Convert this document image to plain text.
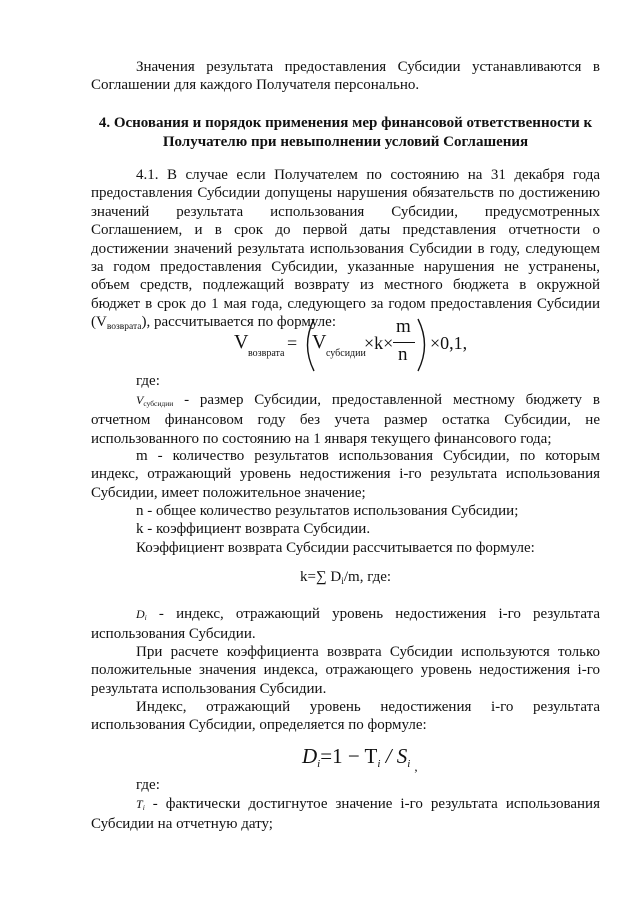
Значения результата предоставления Субсидии устанавливаются в Соглашении для каждого Получателя персонально.

4. Основания и порядок применения мер финансовой ответственности к Получателю при невыполнении условий Соглашения

4.1. В случае если Получателем по состоянию на 31 декабря года предоставления Субсидии допущены нарушения обязательств по достижению значений результата использования Субсидии, предусмотренных Соглашением, и в срок до первой даты представления отчетности о достижении значений результата использования Субсидии в году, следующем за годом предоставления Субсидии, указанные нарушения не устранены, объем средств, подлежащий возврату из местного бюджета в окружной бюджет в срок до 1 мая года, следующего за годом предоставления Субсидии $(V_{возврата})$, рассчитывается по формуле:

V
возврата
= V
субсидии
×k×
m
n
×0,1,
где:

Vсубсидии - размер Субсидии, предоставленной местному бюджету в отчетном финансовом году без учета размер остатка Субсидии, не использованного по состоянию на 1 января текущего финансового года;

m - количество результатов использования Субсидии, по которым индекс, отражающий уровень недостижения i-го результата использования Субсидии, имеет положительное значение;

n - общее количество результатов использования Субсидии;

k - коэффициент возврата Субсидии.

Коэффициент возврата Субсидии рассчитывается по формуле:

k=∑ $D_i/m$, где:

Di - индекс, отражающий уровень недостижения i-го результата использования Субсидии.

При расчете коэффициента возврата Субсидии используются только положительные значения индекса, отражающего уровень недостижения i-го результата использования Субсидии.

Индекс, отражающий уровень недостижения i-го результата использования Субсидии, определяется по формуле:

Di=1 − Ti / Si $_,$
где:

Ti - фактически достигнутое значение i-го результата использования Субсидии на отчетную дату;
